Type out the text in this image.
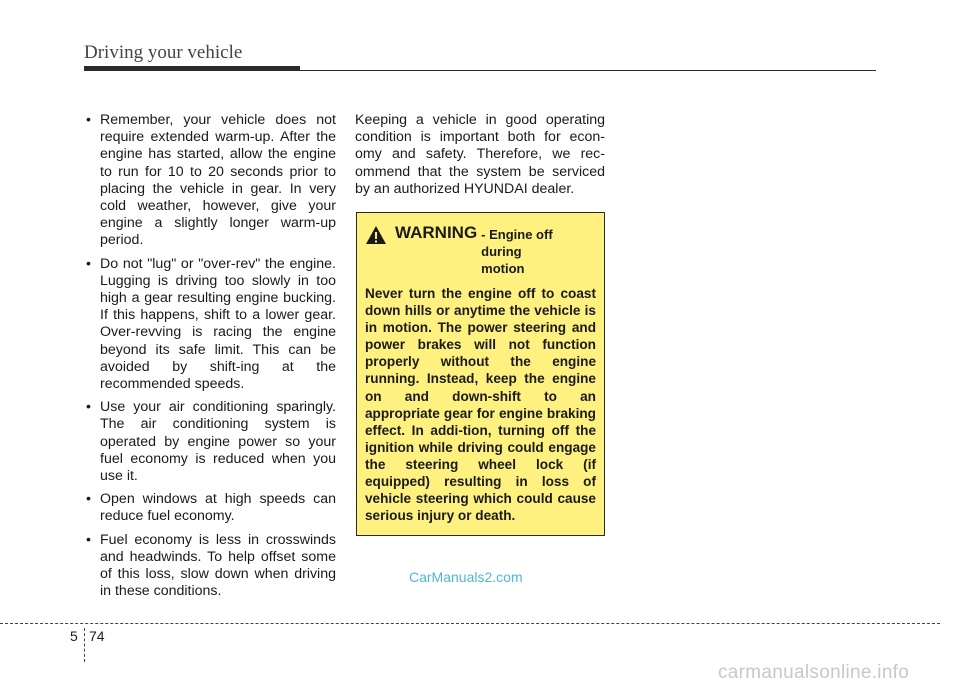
Driving your vehicle
• Remember, your vehicle does not require extended warm-up. After the engine has started, allow the engine to run for 10 to 20 seconds prior to placing the vehicle in gear. In very cold weather, however, give your engine a slightly longer warm-up period.
• Do not "lug" or "over-rev" the engine. Lugging is driving too slowly in too high a gear resulting engine bucking. If this happens, shift to a lower gear. Over-revving is racing the engine beyond its safe limit. This can be avoided by shift-ing at the recommended speeds.
• Use your air conditioning sparingly. The air conditioning system is operated by engine power so your fuel economy is reduced when you use it.
• Open windows at high speeds can reduce fuel economy.
• Fuel economy is less in crosswinds and headwinds. To help offset some of this loss, slow down when driving in these conditions.

Keeping a vehicle in good operating condition is important both for econ-omy and safety. Therefore, we rec-ommend that the system be serviced by an authorized HYUNDAI dealer.

WARNING - Engine off
during
motion
Never turn the engine off to coast down hills or anytime the vehicle is in motion. The power steering and power brakes will not function properly without the engine running. Instead, keep the engine on and down-shift to an appropriate gear for engine braking effect. In addi-tion, turning off the ignition while driving could engage the steering wheel lock (if equipped) resulting in loss of vehicle steering which could cause serious injury or death.
CarManuals2.com
5 74
carmanualsonline.info
